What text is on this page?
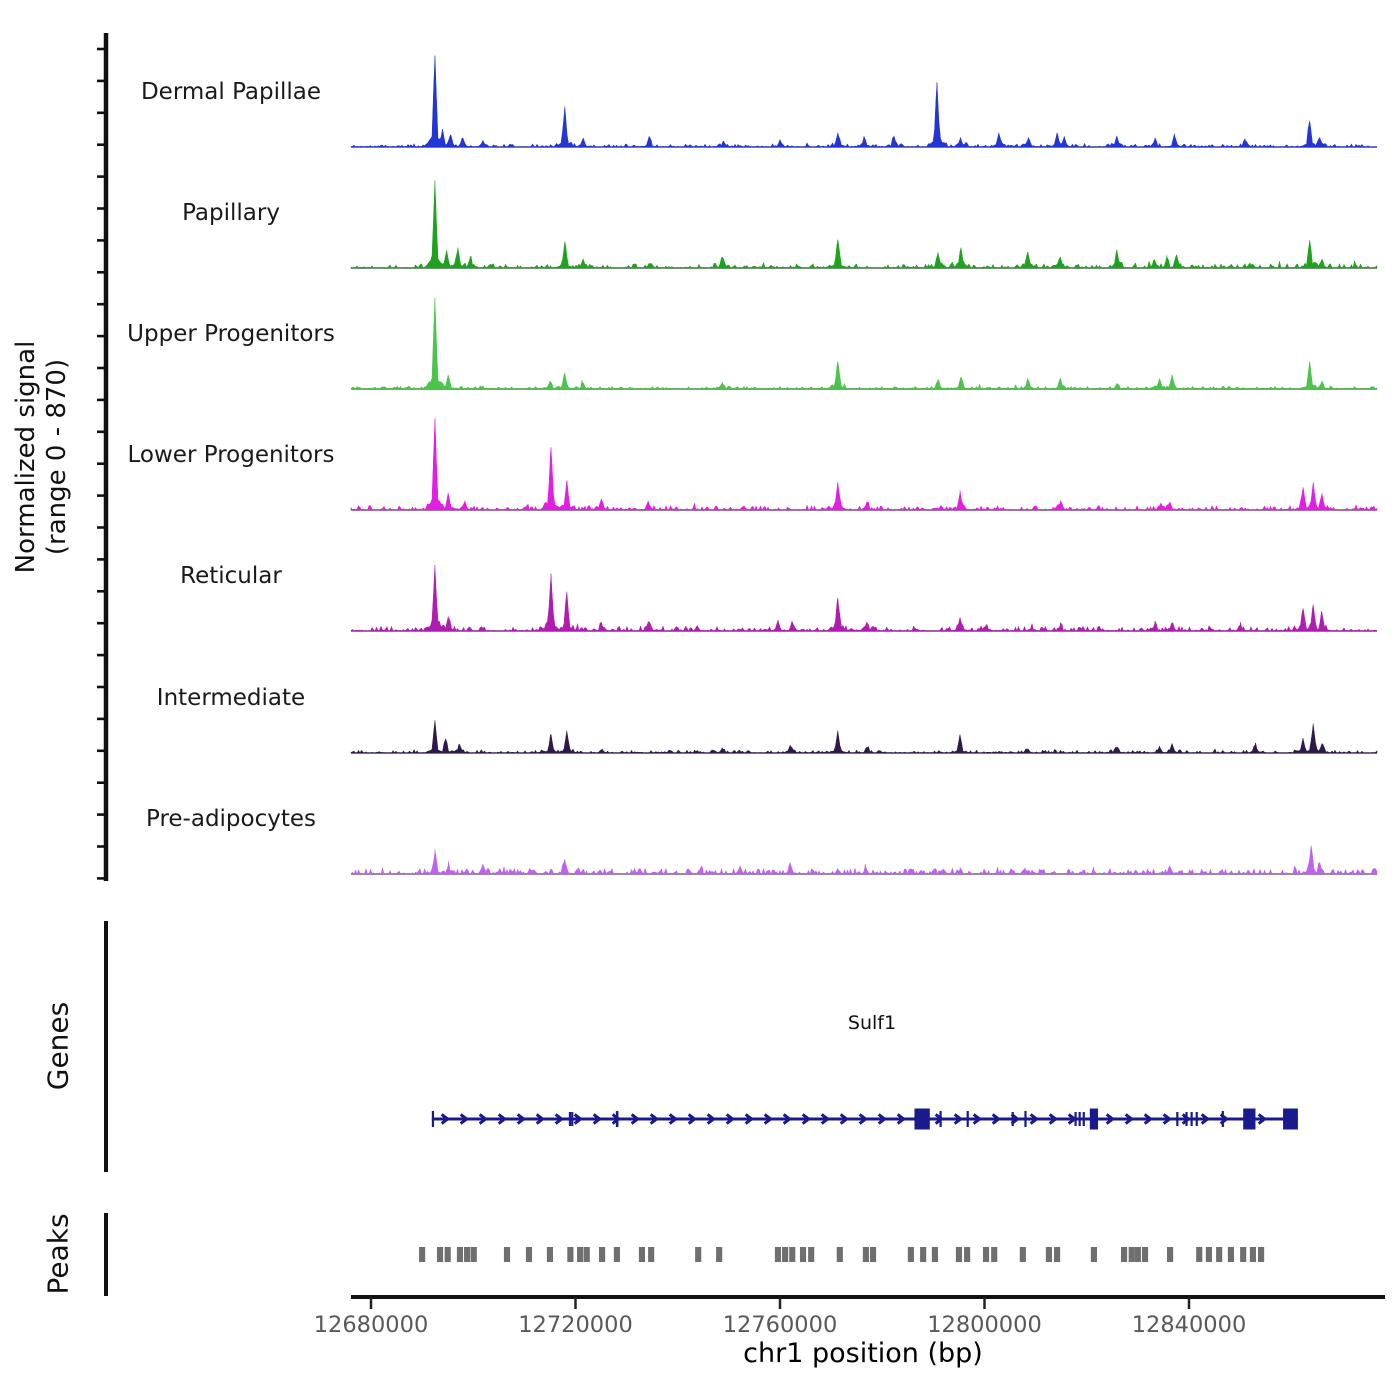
12680000	12720000	12760000	12800000	12840000
Normalized signal (range 0 - 870)
Genes
Peaks
Dermal Papillae
Papillary
Upper Progenitors
Lower Progenitors
Reticular
Intermediate
Pre-adipocytes
Sulf1
chr1 position (bp)
